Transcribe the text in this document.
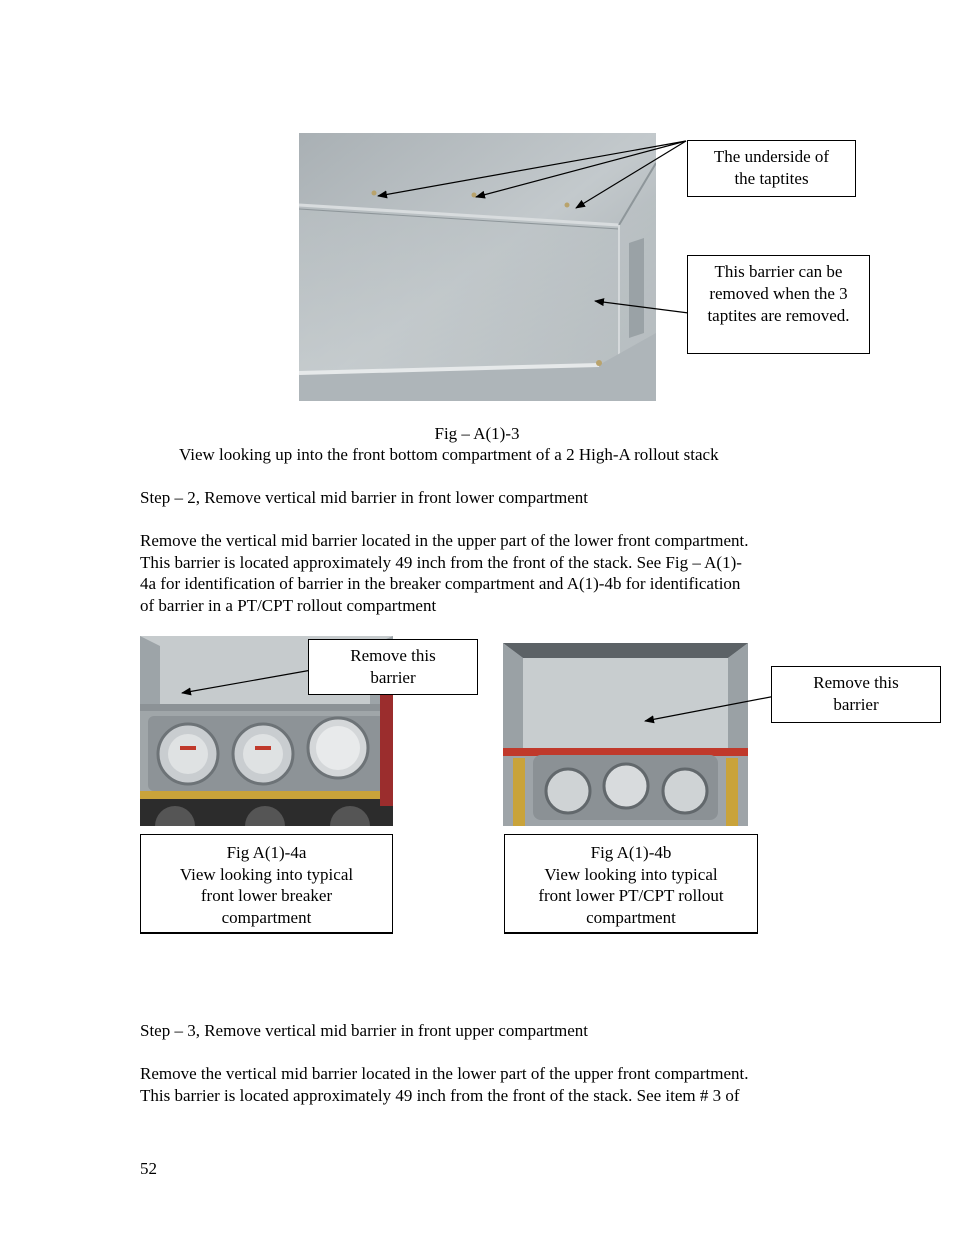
The underside of
the taptites
This barrier can be
removed when the 3
taptites are removed.
Fig – A(1)-3
View looking up into the front bottom compartment of a 2 High-A rollout stack
Step – 2, Remove vertical mid barrier in front lower compartment
Remove the vertical mid barrier located in the upper part of the lower front compartment.
This barrier is located approximately 49 inch from the front of the stack. See Fig – A(1)-
4a for identification of barrier in the breaker compartment and A(1)-4b for identification
of barrier in a PT/CPT rollout compartment
Remove this
barrier	Remove this
barrier
Fig A(1)-4a
View looking into typical
front lower breaker
compartment
Fig A(1)-4b
View looking into typical
front lower PT/CPT rollout
compartment
Step – 3, Remove vertical mid barrier in front upper compartment
Remove the vertical mid barrier located in the lower part of the upper front compartment.
This barrier is located approximately 49 inch from the front of the stack. See item # 3 of
52
